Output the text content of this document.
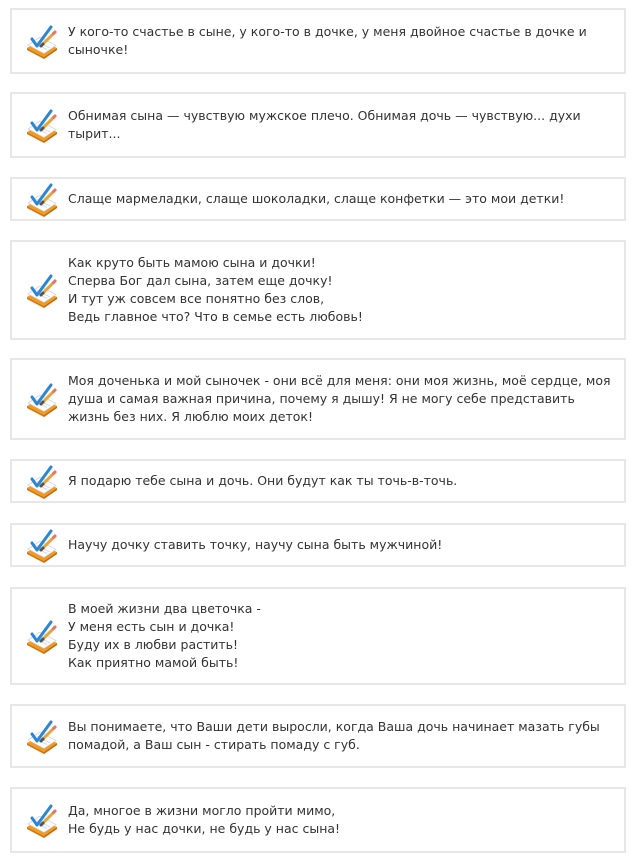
У кого-то счастье в сыне, у кого-то в дочке, у меня двойное счастье в дочке и сыночке!
Обнимая сына — чувствую мужское плечо. Обнимая дочь — чувствую... духи тырит...
Слаще мармеладки, слаще шоколадки, слаще конфетки — это мои детки!
Как круто быть мамою сына и дочки!
Сперва Бог дал сына, затем еще дочку!
И тут уж совсем все понятно без слов,
Ведь главное что? Что в семье есть любовь!
Моя доченька и мой сыночек - они всё для меня: они моя жизнь, моё сердце, моя душа и самая важная причина, почему я дышу! Я не могу себе представить жизнь без них. Я люблю моих деток!
Я подарю тебе сына и дочь. Они будут как ты точь-в-точь.
Научу дочку ставить точку, научу сына быть мужчиной!
В моей жизни два цветочка -
У меня есть сын и дочка!
Буду их в любви растить!
Как приятно мамой быть!
Вы понимаете, что Ваши дети выросли, когда Ваша дочь начинает мазать губы помадой, а Ваш сын - стирать помаду с губ.
Да, многое в жизни могло пройти мимо,
Не будь у нас дочки, не будь у нас сына!
